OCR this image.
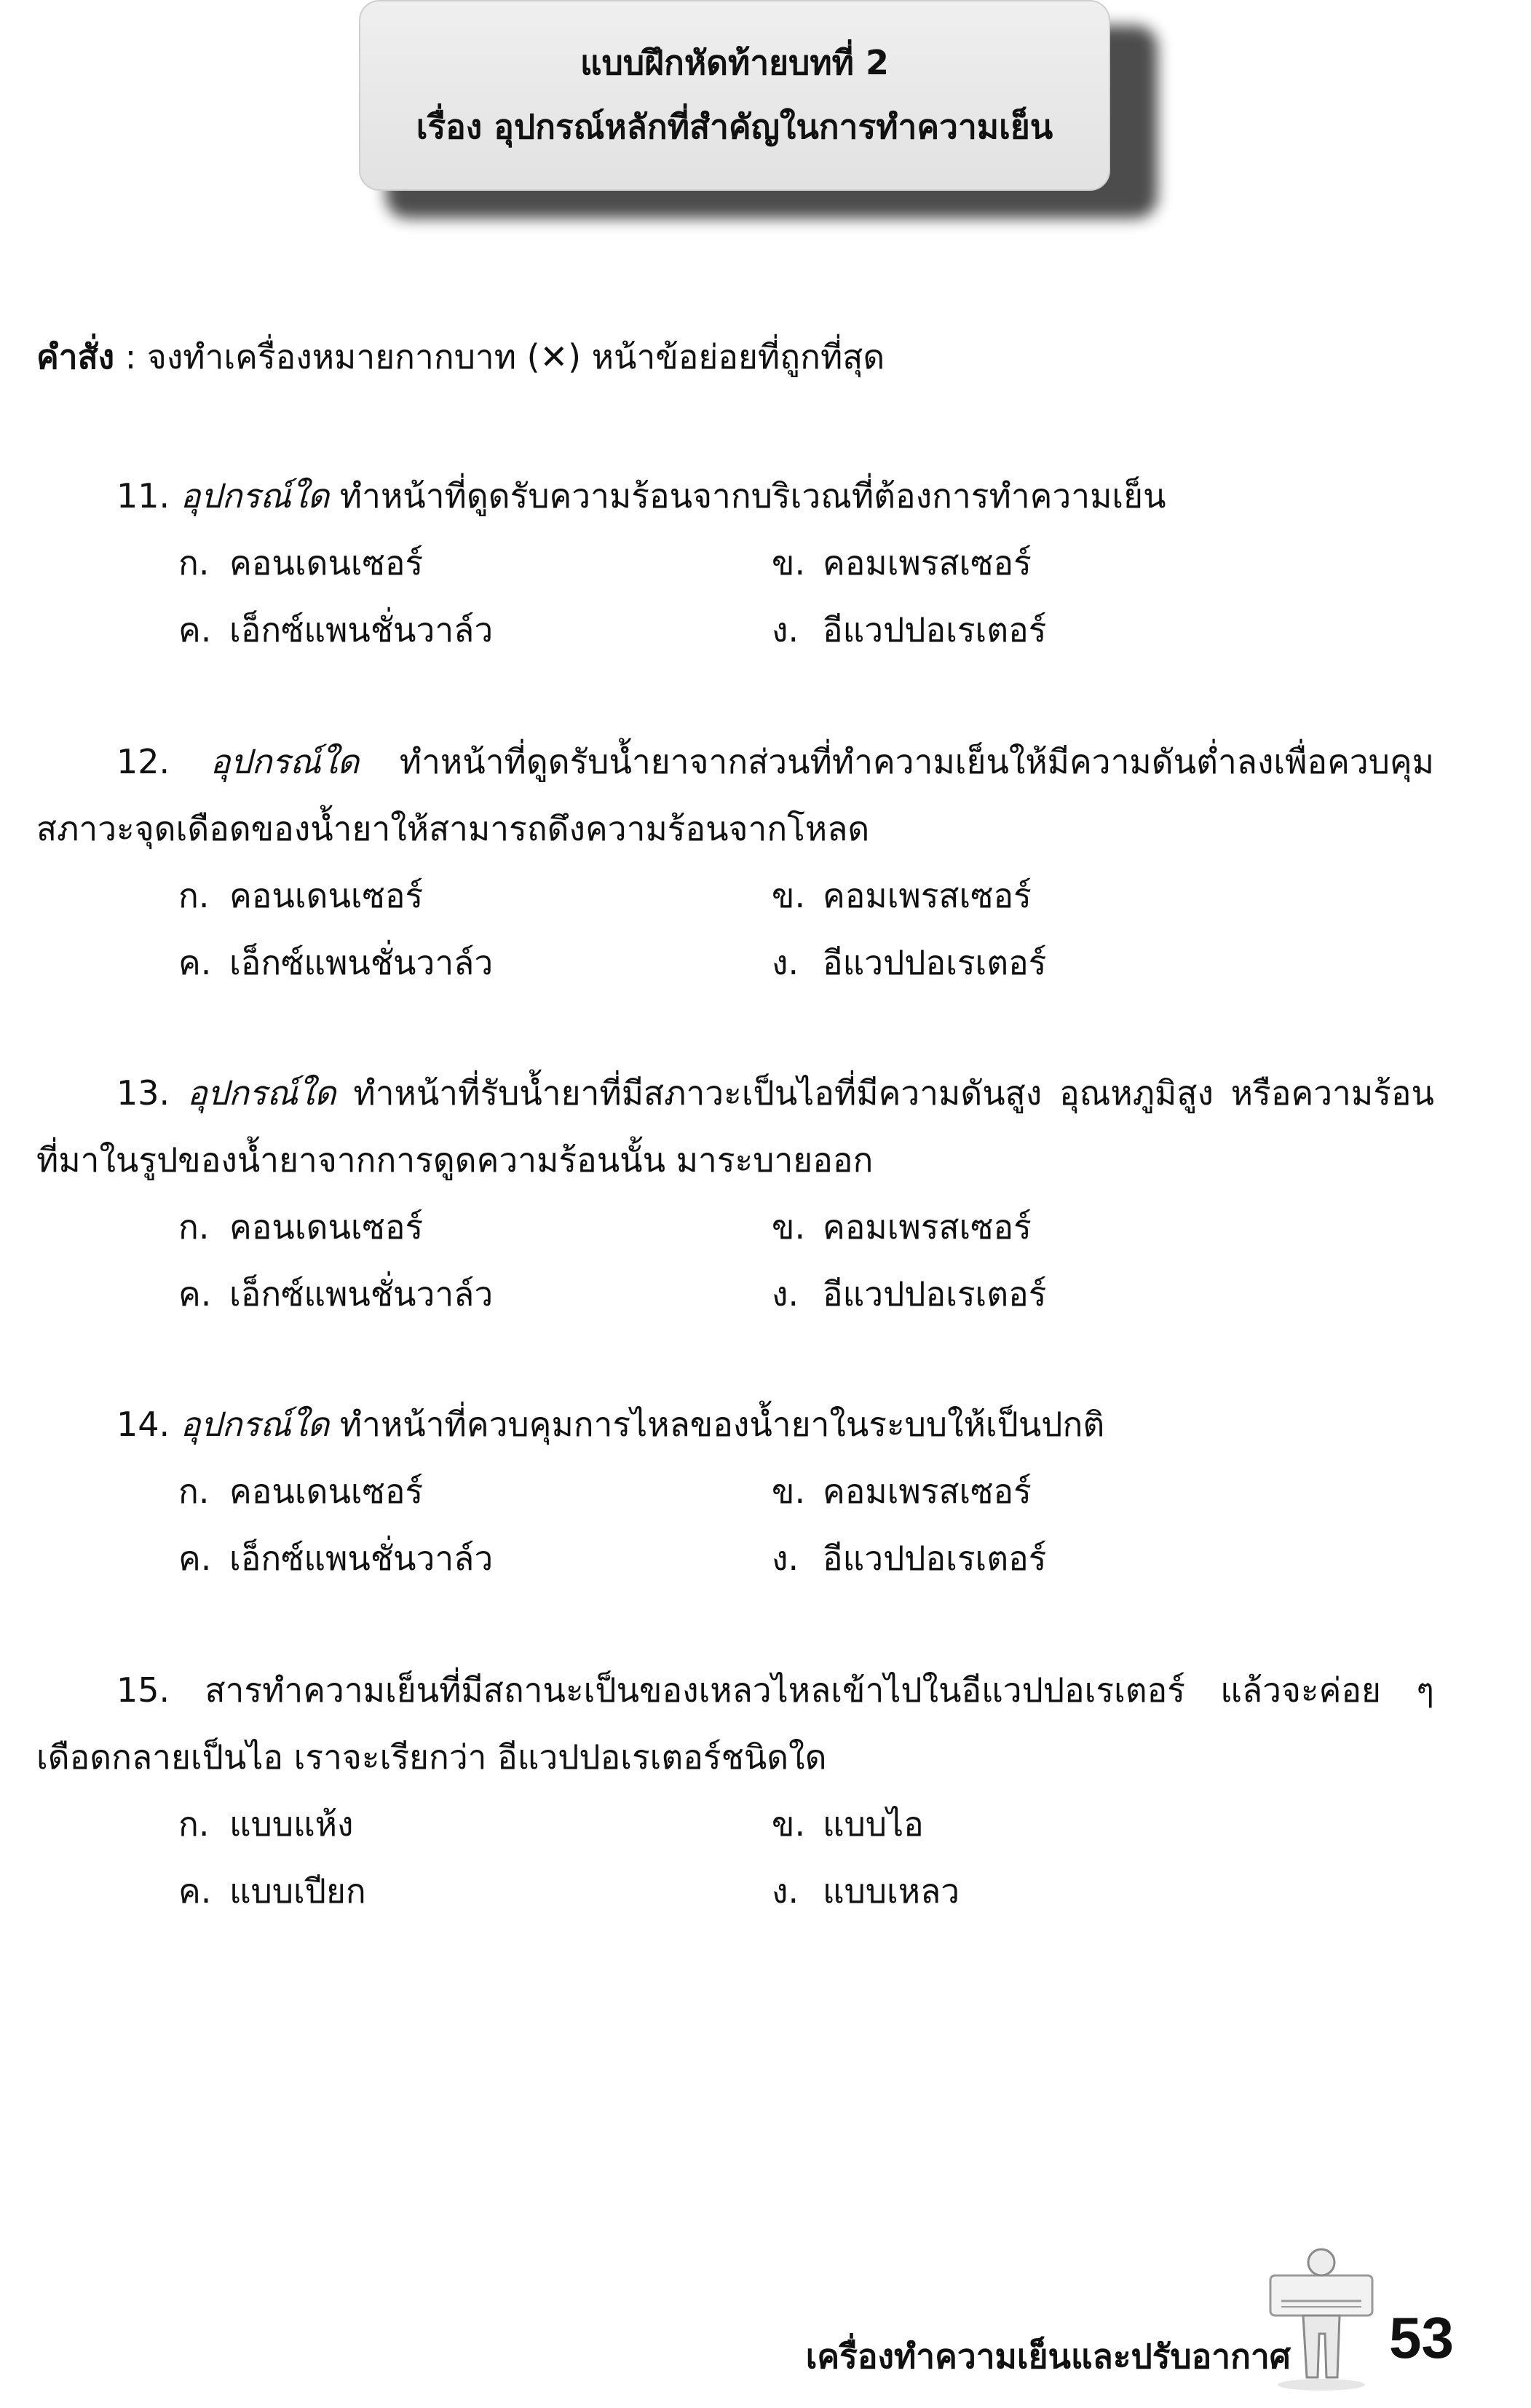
แบบฝึกหัดท้ายบทที่ 2
เรื่อง อุปกรณ์หลักที่สำคัญในการทำความเย็น
คำสั่ง : จงทำเครื่องหมายกากบาท (✕) หน้าข้อย่อยที่ถูกที่สุด
11. อุปกรณ์ใด ทำหน้าที่ดูดรับความร้อนจากบริเวณที่ต้องการทำความเย็น
ก. คอนเดนเซอร์	ข. คอมเพรสเซอร์
ค. เอ็กซ์แพนชั่นวาล์ว	ง. อีแวปปอเรเตอร์
12. อุปกรณ์ใด ทำหน้าที่ดูดรับน้ำยาจากส่วนที่ทำความเย็นให้มีความดันต่ำลงเพื่อควบคุมสภาวะจุดเดือดของน้ำยาให้สามารถดึงความร้อนจากโหลด
ก. คอนเดนเซอร์	ข. คอมเพรสเซอร์
ค. เอ็กซ์แพนชั่นวาล์ว	ง. อีแวปปอเรเตอร์
13. อุปกรณ์ใด ทำหน้าที่รับน้ำยาที่มีสภาวะเป็นไอที่มีความดันสูง อุณหภูมิสูง หรือความร้อนที่มาในรูปของน้ำยาจากการดูดความร้อนนั้น มาระบายออก
ก. คอนเดนเซอร์	ข. คอมเพรสเซอร์
ค. เอ็กซ์แพนชั่นวาล์ว	ง. อีแวปปอเรเตอร์
14. อุปกรณ์ใด ทำหน้าที่ควบคุมการไหลของน้ำยาในระบบให้เป็นปกติ
ก. คอนเดนเซอร์	ข. คอมเพรสเซอร์
ค. เอ็กซ์แพนชั่นวาล์ว	ง. อีแวปปอเรเตอร์
15. สารทำความเย็นที่มีสถานะเป็นของเหลวไหลเข้าไปในอีแวปปอเรเตอร์ แล้วจะค่อย ๆ เดือดกลายเป็นไอ เราจะเรียกว่า อีแวปปอเรเตอร์ชนิดใด
ก. แบบแห้ง	ข. แบบไอ
ค. แบบเปียก	ง. แบบเหลว
เครื่องทำความเย็นและปรับอากาศ 53
